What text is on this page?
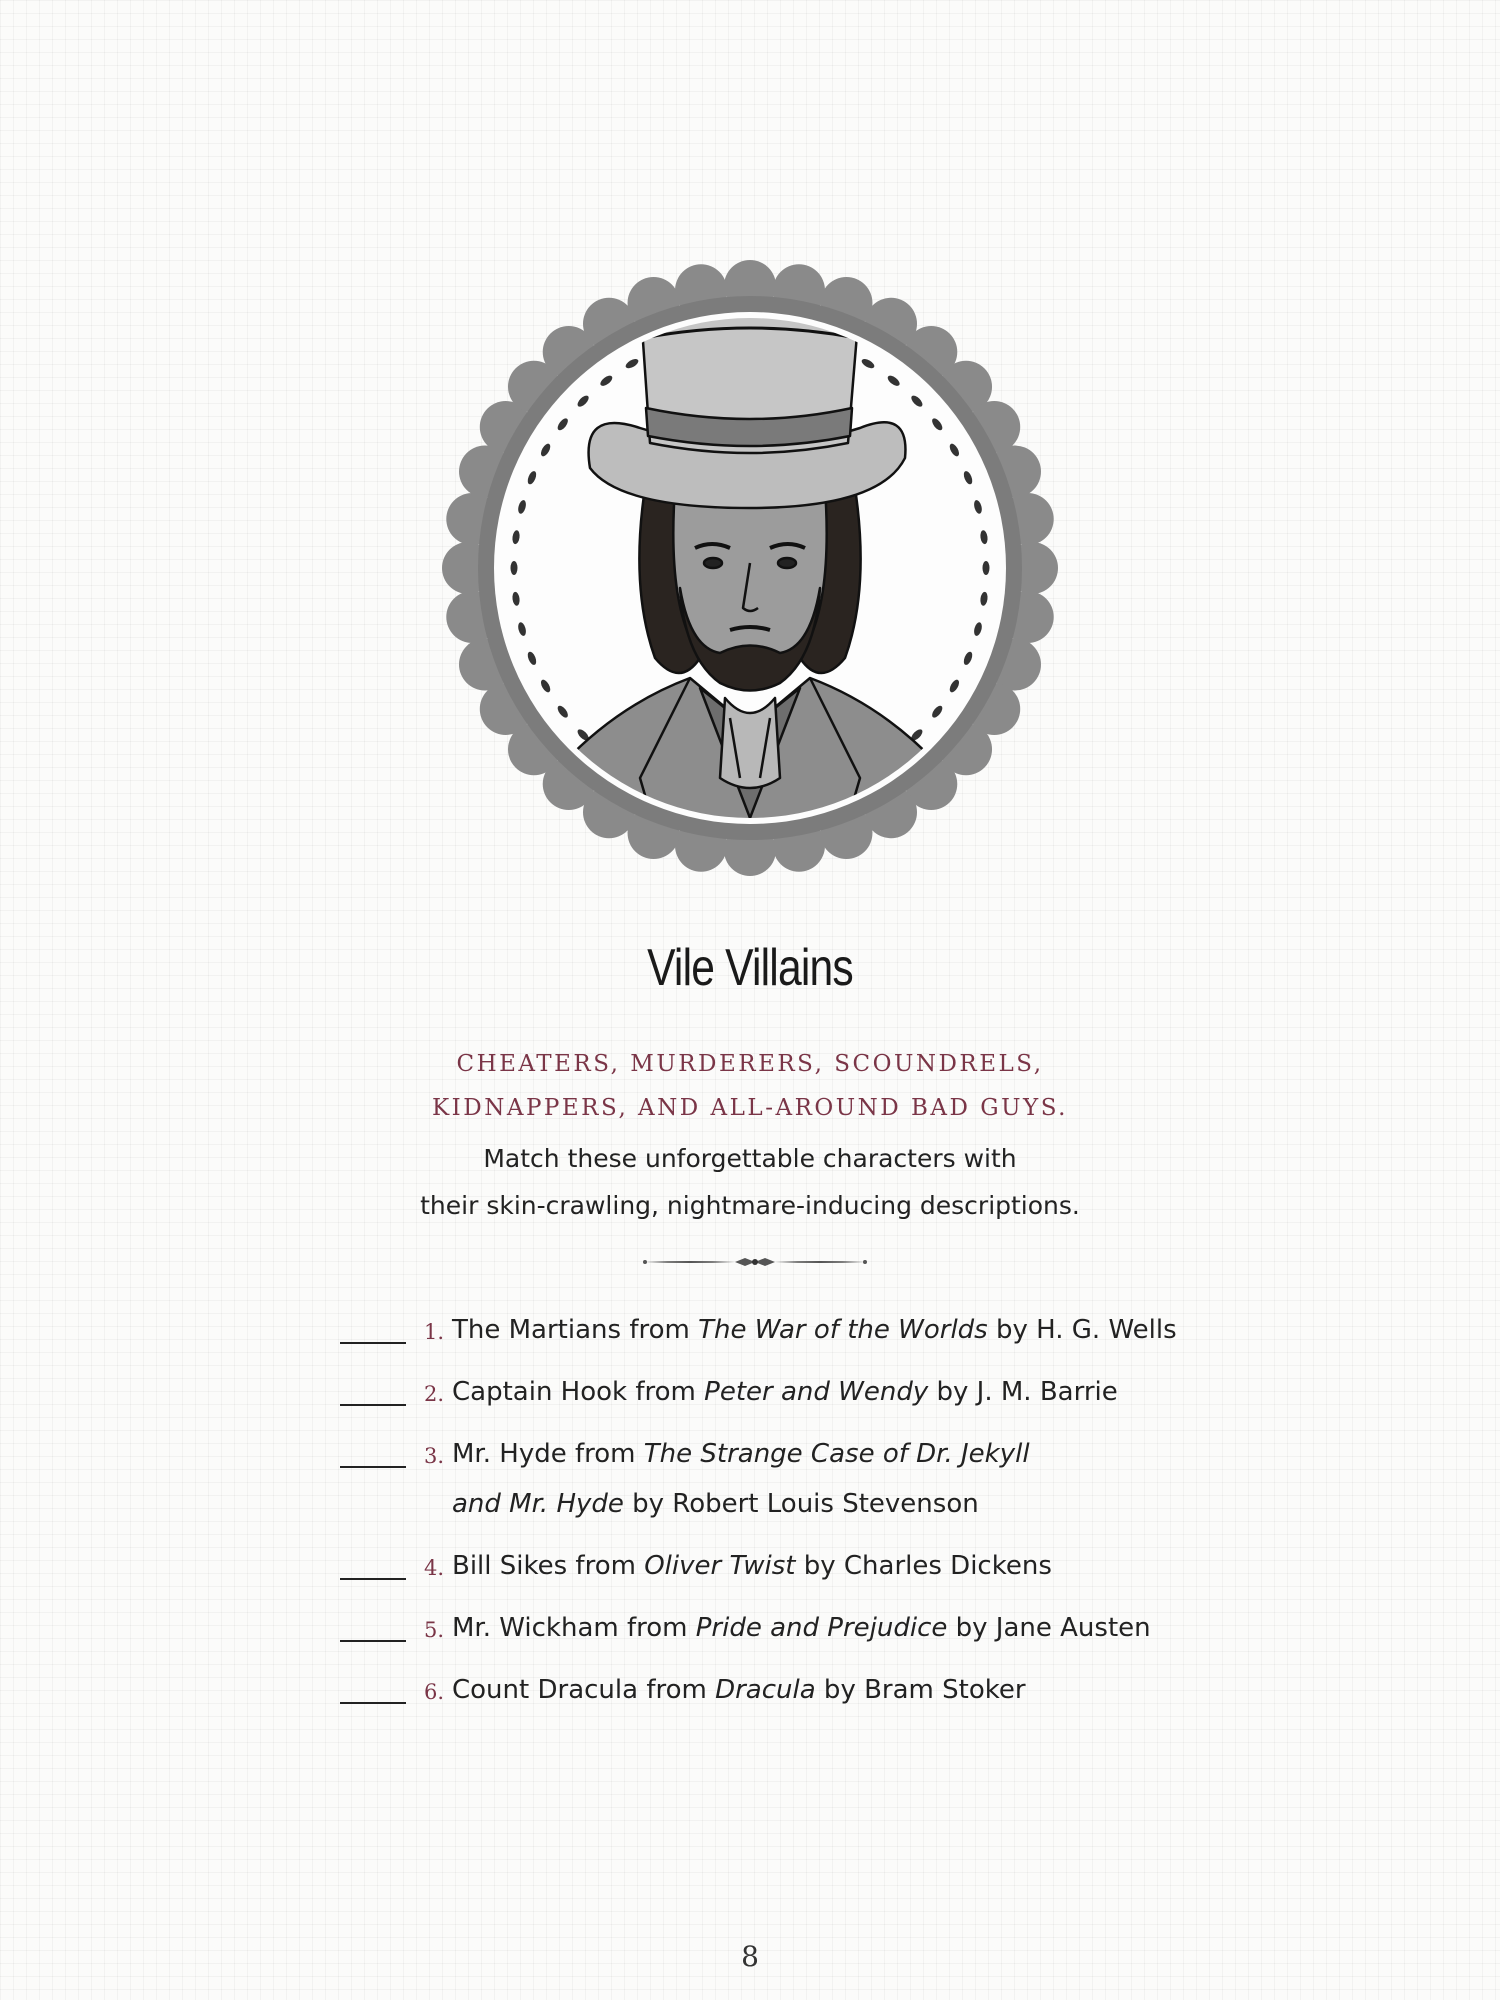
Vile Villains
CHEATERS, MURDERERS, SCOUNDRELS,
KIDNAPPERS, AND ALL-AROUND BAD GUYS.
Match these unforgettable characters with
their skin-crawling, nightmare-inducing descriptions.
1. The Martians from The War of the Worlds by H. G. Wells
2. Captain Hook from Peter and Wendy by J. M. Barrie
3. Mr. Hyde from The Strange Case of Dr. Jekyll
and Mr. Hyde by Robert Louis Stevenson
4. Bill Sikes from Oliver Twist by Charles Dickens
5. Mr. Wickham from Pride and Prejudice by Jane Austen
6. Count Dracula from Dracula by Bram Stoker
8
